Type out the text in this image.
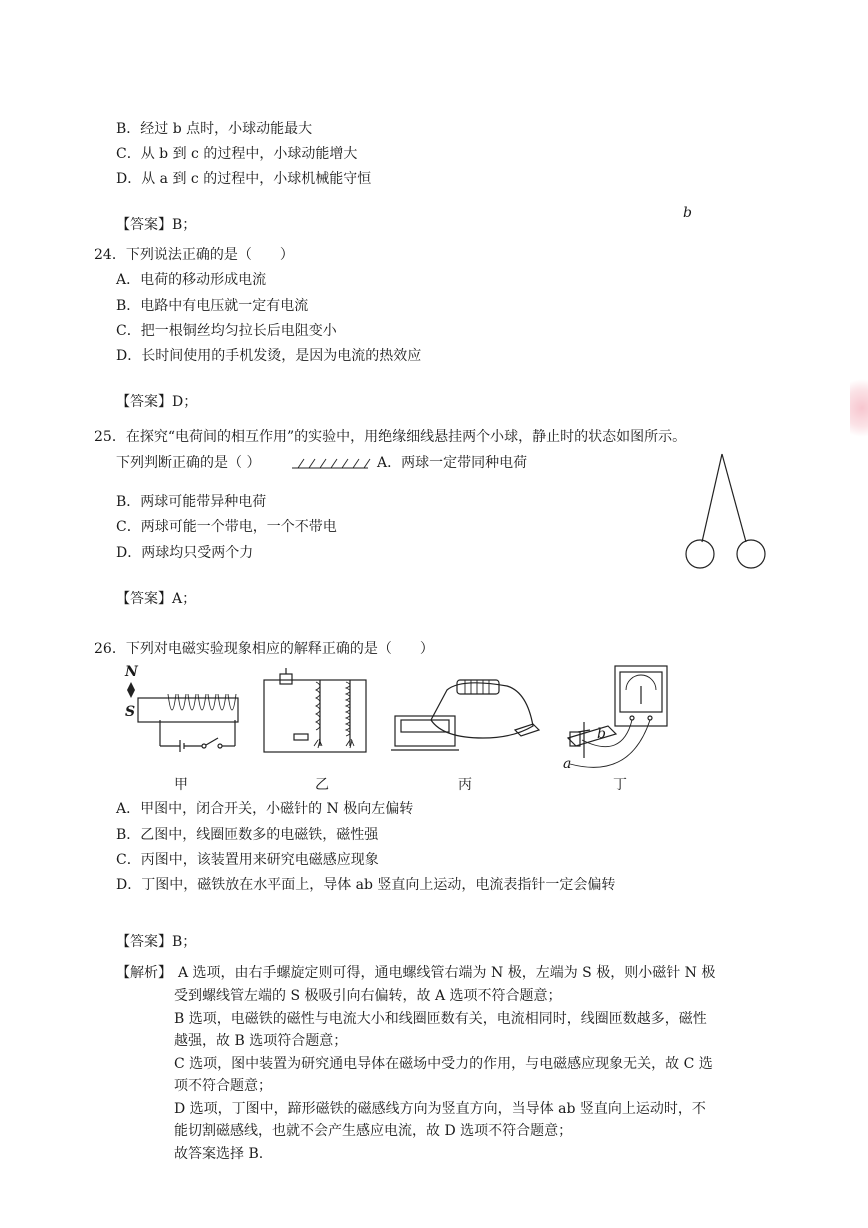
B．经过 b 点时，小球动能最大
C．从 b 到 c 的过程中，小球动能增大
D．从 a 到 c 的过程中，小球机械能守恒
【答案】B；
b
24．下列说法正确的是（　　）
A．电荷的移动形成电流
B．电路中有电压就一定有电流
C．把一根铜丝均匀拉长后电阻变小
D．长时间使用的手机发烫，是因为电流的热效应
【答案】D；
25．在探究“电荷间的相互作用”的实验中，用绝缘细线悬挂两个小球，静止时的状态如图所示。
下列判断正确的是（ ）	A．两球一定带同种电荷
B．两球可能带异种电荷
C．两球可能一个带电，一个不带电
D．两球均只受两个力
【答案】A；
26．下列对电磁实验现象相应的解释正确的是（　　）
N
S
b
a
甲	乙	丙	丁
A．甲图中，闭合开关，小磁针的 N 极向左偏转
B．乙图中，线圈匝数多的电磁铁，磁性强
C．丙图中，该装置用来研究电磁感应现象
D．丁图中，磁铁放在水平面上，导体 ab 竖直向上运动，电流表指针一定会偏转
【答案】B；
【解析】 A 选项，由右手螺旋定则可得，通电螺线管右端为 N 极，左端为 S 极，则小磁针 N 极
受到螺线管左端的 S 极吸引向右偏转，故 A 选项不符合题意；
B 选项，电磁铁的磁性与电流大小和线圈匝数有关，电流相同时，线圈匝数越多，磁性
越强，故 B 选项符合题意；
C 选项，图中装置为研究通电导体在磁场中受力的作用，与电磁感应现象无关，故 C 选
项不符合题意；
D 选项，丁图中，蹄形磁铁的磁感线方向为竖直方向，当导体 ab 竖直向上运动时，不
能切割磁感线，也就不会产生感应电流，故 D 选项不符合题意；
故答案选择 B.
